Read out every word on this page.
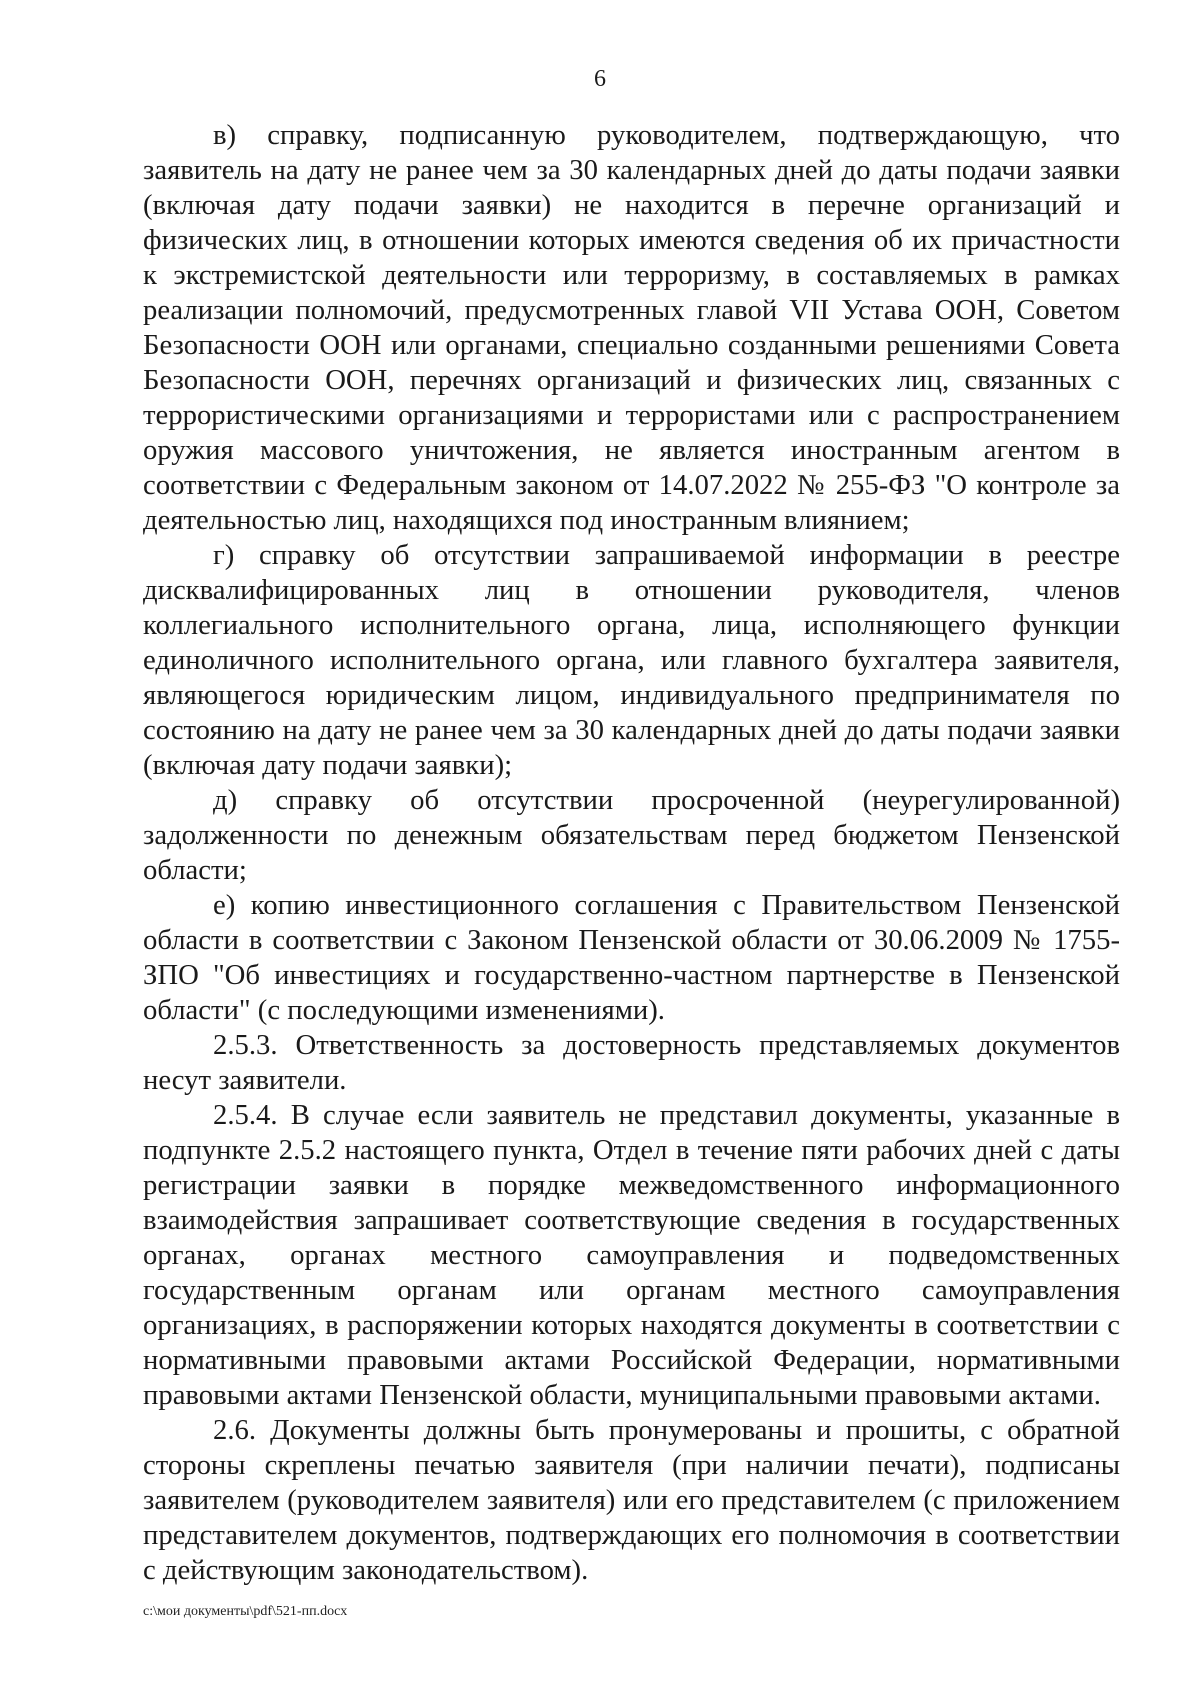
6

в) справку, подписанную руководителем, подтверждающую, что заявитель на дату не ранее чем за 30 календарных дней до даты подачи заявки (включая дату подачи заявки) не находится в перечне организаций и физических лиц, в отношении которых имеются сведения об их причастности к экстремистской деятельности или терроризму, в составляемых в рамках реализации полномочий, предусмотренных главой VII Устава ООН, Советом Безопасности ООН или органами, специально созданными решениями Совета Безопасности ООН, перечнях организаций и физических лиц, связанных с террористическими организациями и террористами или с распространением оружия массового уничтожения, не является иностранным агентом в соответствии с Федеральным законом от 14.07.2022 № 255-ФЗ "О контроле за деятельностью лиц, находящихся под иностранным влиянием;

г) справку об отсутствии запрашиваемой информации в реестре дисквалифицированных лиц в отношении руководителя, членов коллегиального исполнительного органа, лица, исполняющего функции единоличного исполнительного органа, или главного бухгалтера заявителя, являющегося юридическим лицом, индивидуального предпринимателя по состоянию на дату не ранее чем за 30 календарных дней до даты подачи заявки (включая дату подачи заявки);

д) справку об отсутствии просроченной (неурегулированной) задолженности по денежным обязательствам перед бюджетом Пензенской области;

е) копию инвестиционного соглашения с Правительством Пензенской области в соответствии с Законом Пензенской области от 30.06.2009 № 1755-ЗПО "Об инвестициях и государственно-частном партнерстве в Пензенской области" (с последующими изменениями).

2.5.3. Ответственность за достоверность представляемых документов несут заявители.

2.5.4. В случае если заявитель не представил документы, указанные в подпункте 2.5.2 настоящего пункта, Отдел в течение пяти рабочих дней с даты регистрации заявки в порядке межведомственного информационного взаимодействия запрашивает соответствующие сведения в государственных органах, органах местного самоуправления и подведомственных государственным органам или органам местного самоуправления организациях, в распоряжении которых находятся документы в соответствии с нормативными правовыми актами Российской Федерации, нормативными правовыми актами Пензенской области, муниципальными правовыми актами.

2.6. Документы должны быть пронумерованы и прошиты, с обратной стороны скреплены печатью заявителя (при наличии печати), подписаны заявителем (руководителем заявителя) или его представителем (с приложением представителем документов, подтверждающих его полномочия в соответствии с действующим законодательством).

c:\мои документы\pdf\521-пп.docx
